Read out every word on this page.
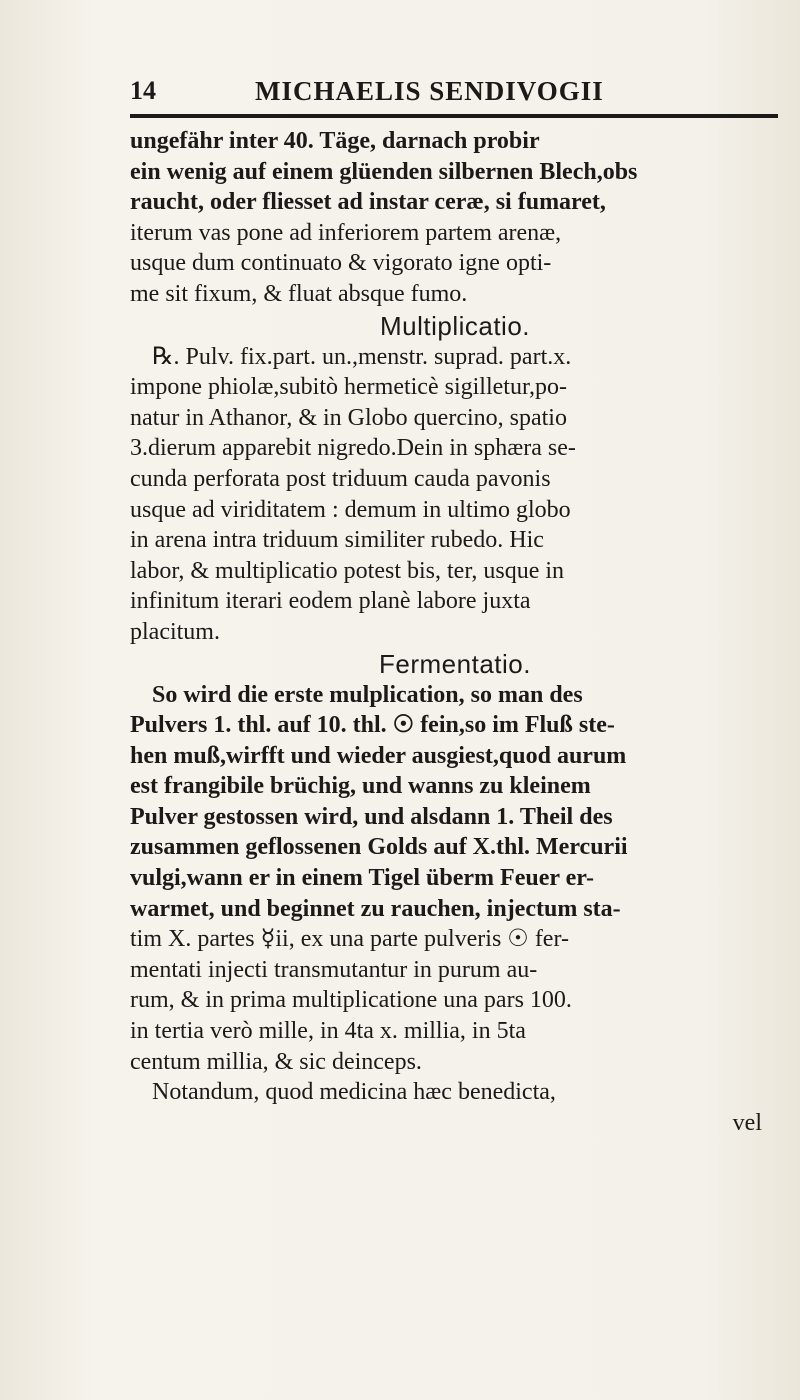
14	MICHAELIS SENDIVOGII
ungefähr inter 40. Täge, darnach probir
ein wenig auf einem glüenden silbernen Blech,obs
raucht, oder fliesset ad instar ceræ, si fumaret,
iterum vas pone ad inferiorem partem arenæ,
usque dum continuato & vigorato igne opti-
me sit fixum, & fluat absque fumo.
Multiplicatio.
℞. Pulv. fix.part. un.,menstr. suprad. part.x.
impone phiolæ,subitò hermeticè sigilletur,po-
natur in Athanor, & in Globo quercino, spatio
3.dierum apparebit nigredo.Dein in sphæra se-
cunda perforata post triduum cauda pavonis
usque ad viriditatem : demum in ultimo globo
in arena intra triduum similiter rubedo. Hic
labor, & multiplicatio potest bis, ter, usque in
infinitum iterari eodem planè labore juxta
placitum.
Fermentatio.
So wird die erste mulplication, so man des
Pulvers 1. thl. auf 10. thl. ☉ fein,so im Fluß ste-
hen muß,wirfft und wieder ausgiest,quod aurum
est frangibile brüchig, und wanns zu kleinem
Pulver gestossen wird, und alsdann 1. Theil des
zusammen geflossenen Golds auf X.thl. Mercurii
vulgi,wann er in einem Tigel überm Feuer er-
warmet, und beginnet zu rauchen, injectum sta-
tim X. partes ☿ii, ex una parte pulveris ☉ fer-
mentati injecti transmutantur in purum au-
rum, & in prima multiplicatione una pars 100.
in tertia verò mille, in 4ta x. millia, in 5ta
centum millia, & sic deinceps.
Notandum, quod medicina hæc benedicta,
vel
